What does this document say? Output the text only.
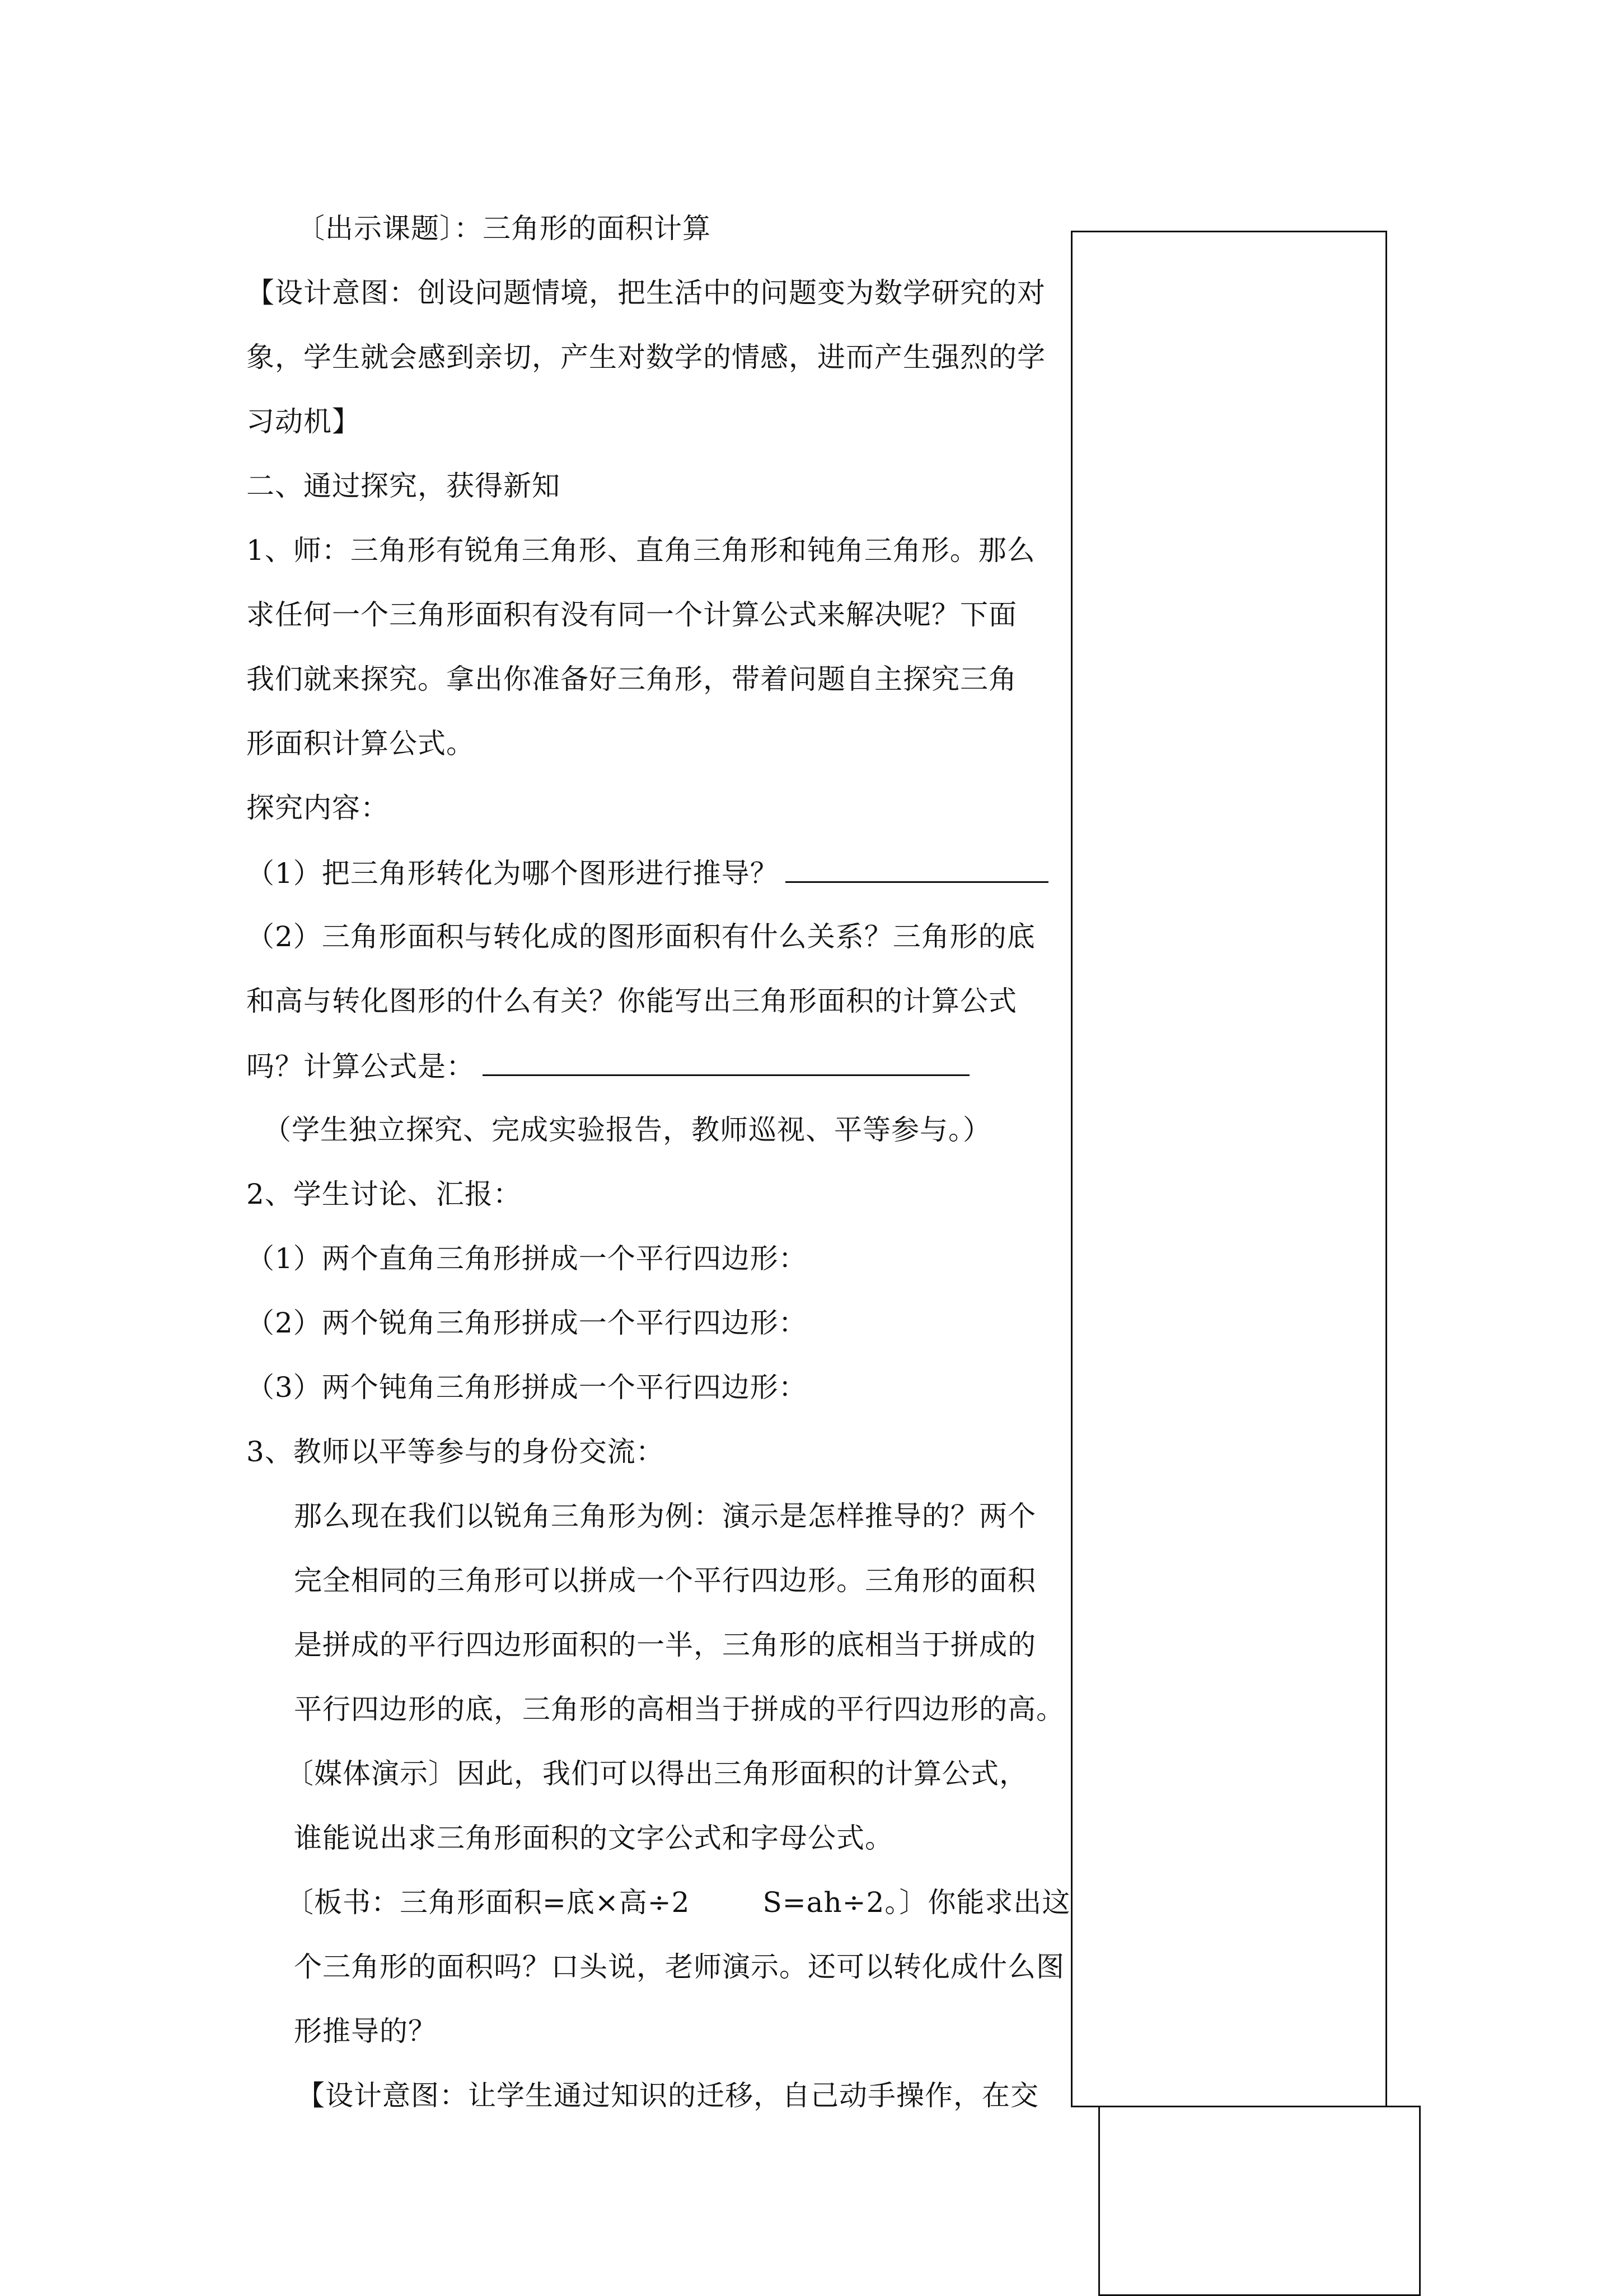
〔出示课题〕：三角形的面积计算
【设计意图：创设问题情境，把生活中的问题变为数学研究的对
象，学生就会感到亲切，产生对数学的情感，进而产生强烈的学
习动机】
二、通过探究，获得新知
1、师：三角形有锐角三角形、直角三角形和钝角三角形。那么
求任何一个三角形面积有没有同一个计算公式来解决呢？下面
我们就来探究。拿出你准备好三角形，带着问题自主探究三角
形面积计算公式。
探究内容：
（1）把三角形转化为哪个图形进行推导？
（2）三角形面积与转化成的图形面积有什么关系？三角形的底
和高与转化图形的什么有关？你能写出三角形面积的计算公式
吗？计算公式是：
（学生独立探究、完成实验报告，教师巡视、平等参与。）
2、学生讨论、汇报：
（1）两个直角三角形拼成一个平行四边形：
（2）两个锐角三角形拼成一个平行四边形：
（3）两个钝角三角形拼成一个平行四边形：
3、教师以平等参与的身份交流：
那么现在我们以锐角三角形为例：演示是怎样推导的？两个
完全相同的三角形可以拼成一个平行四边形。三角形的面积
是拼成的平行四边形面积的一半，三角形的底相当于拼成的
平行四边形的底，三角形的高相当于拼成的平行四边形的高。
〔媒体演示〕因此，我们可以得出三角形面积的计算公式，
谁能说出求三角形面积的文字公式和字母公式。
〔板书：三角形面积=底×高÷2	S=ah÷2。〕你能求出这
个三角形的面积吗？口头说，老师演示。还可以转化成什么图
形推导的？
【设计意图：让学生通过知识的迁移，自己动手操作，在交
